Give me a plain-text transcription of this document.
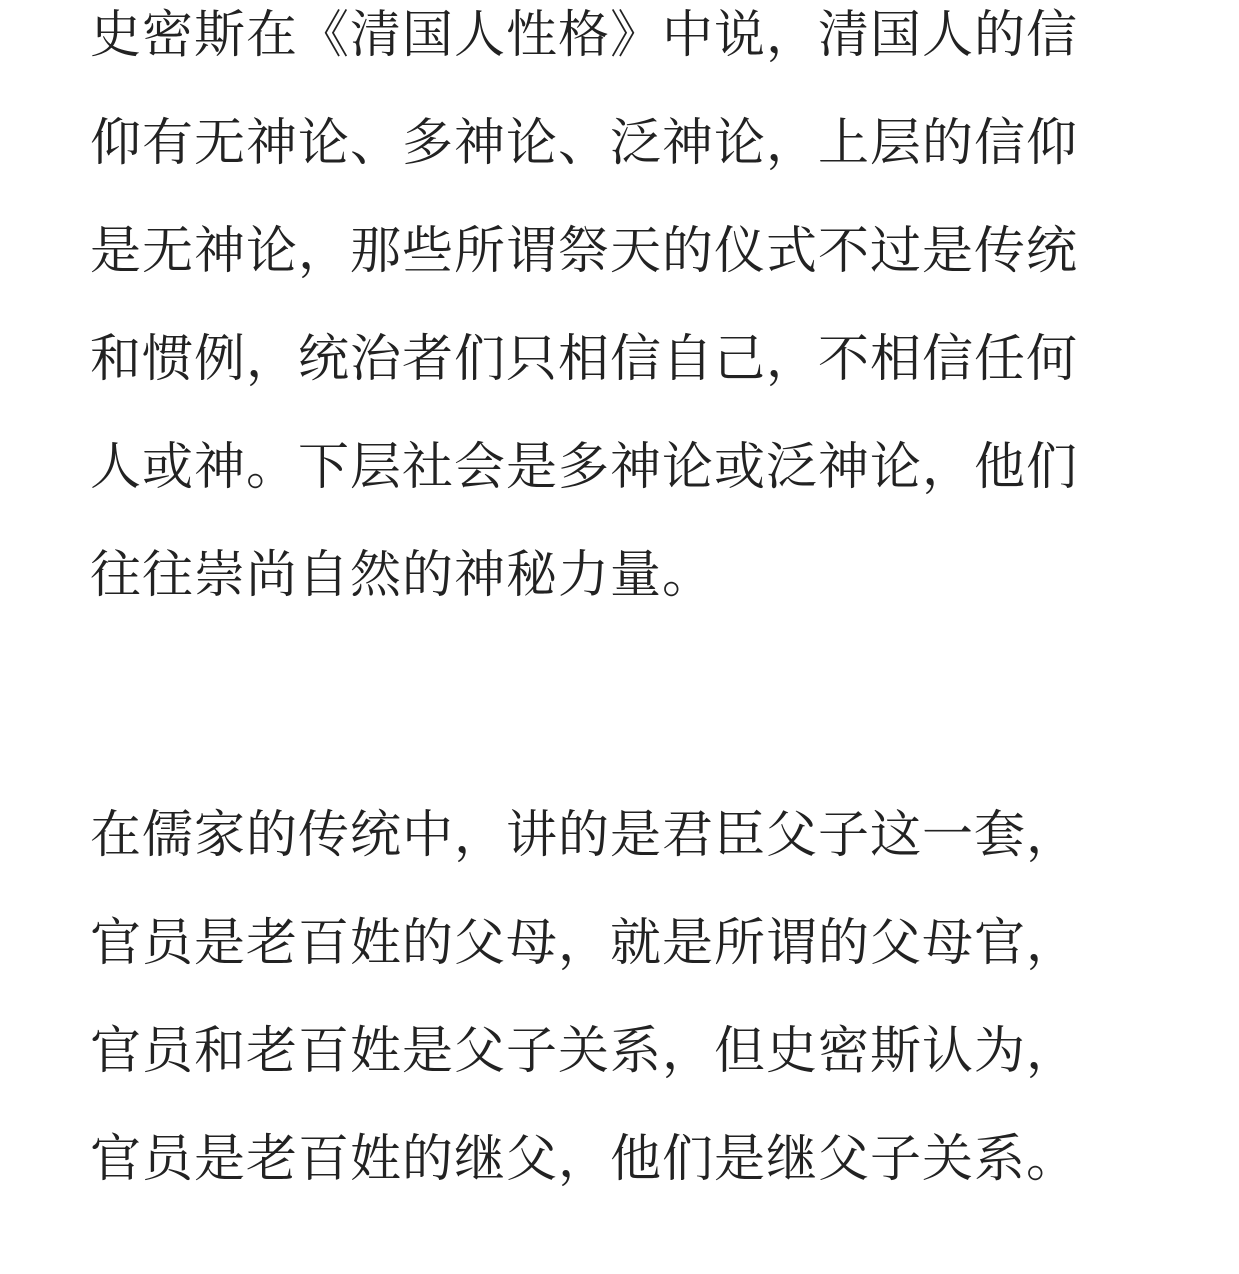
史密斯在《清国人性格》中说，清国人的信
仰有无神论、多神论、泛神论，上层的信仰
是无神论，那些所谓祭天的仪式不过是传统
和惯例，统治者们只相信自己，不相信任何
人或神。下层社会是多神论或泛神论，他们
往往崇尚自然的神秘力量。
在儒家的传统中，讲的是君臣父子这一套，
官员是老百姓的父母，就是所谓的父母官，
官员和老百姓是父子关系，但史密斯认为，
官员是老百姓的继父，他们是继父子关系。
